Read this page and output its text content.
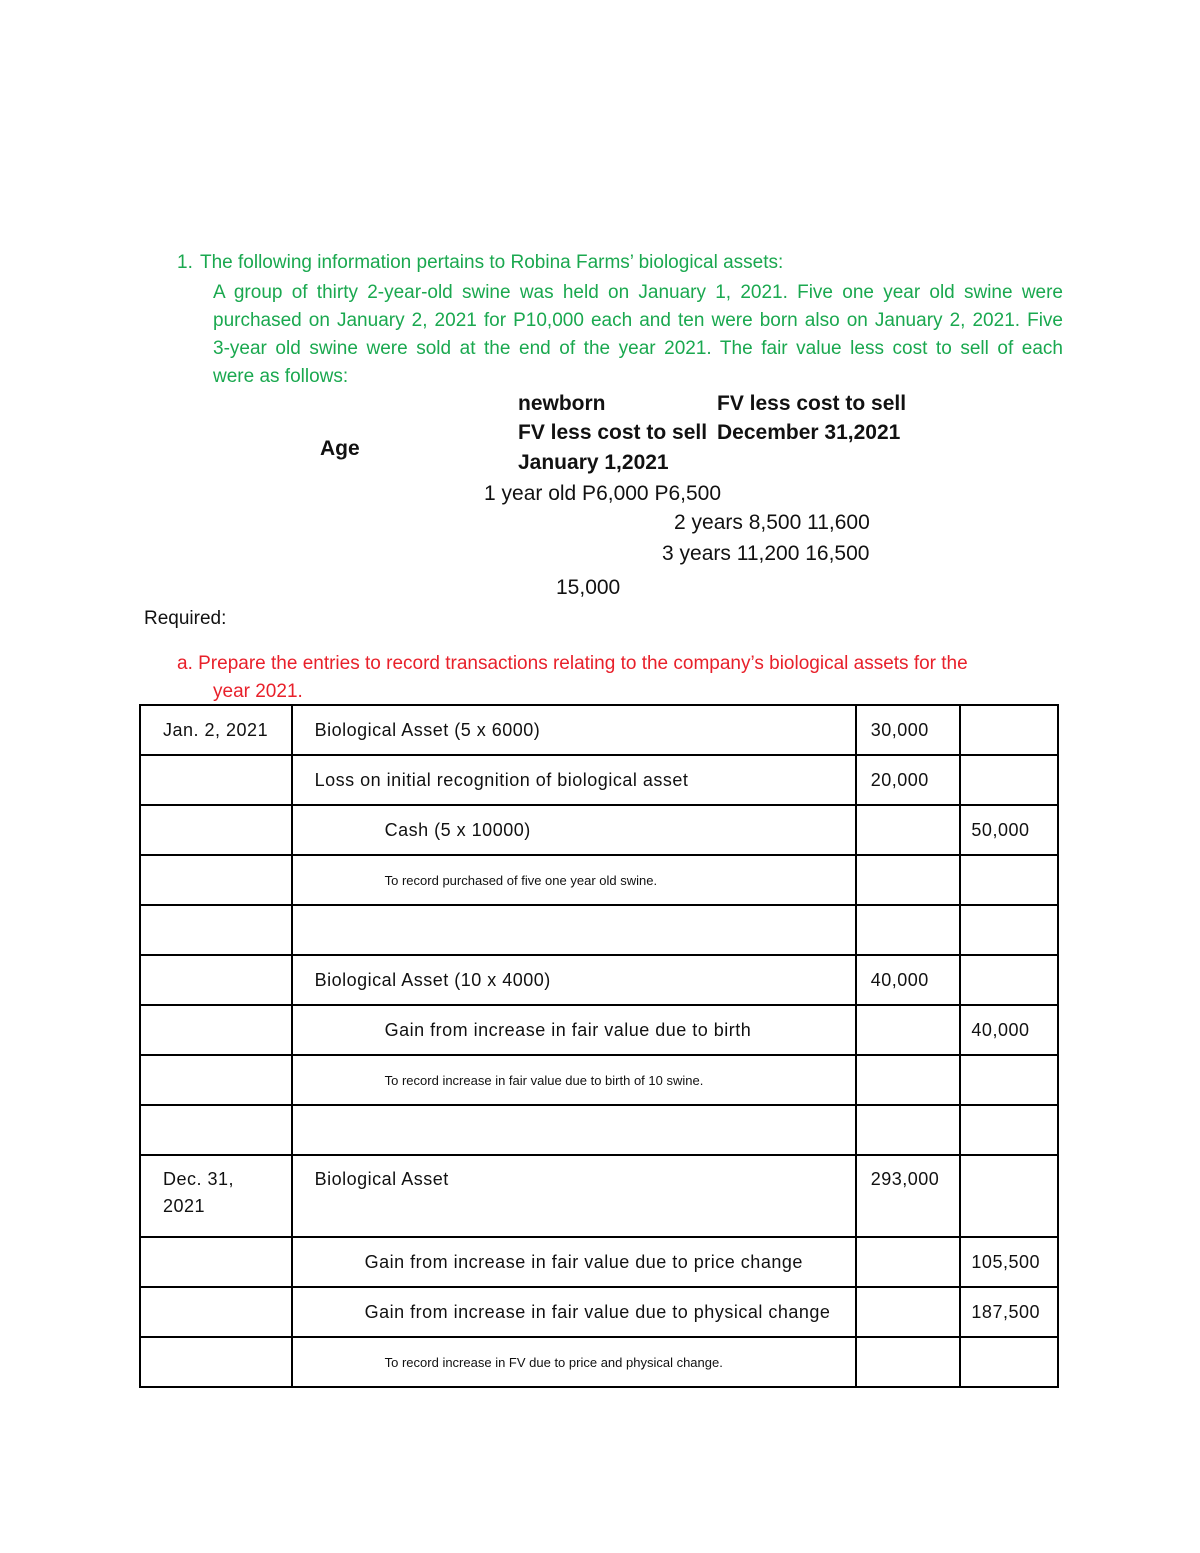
1. The following information pertains to Robina Farms’ biological assets:
A group of thirty 2-year-old swine was held on January 1, 2021. Five one year old swine were
purchased on January 2, 2021 for P10,000 each and ten were born also on January 2, 2021. Five
3-year old swine were sold at the end of the year 2021. The fair value less cost to sell of each
were as follows:
newborn
FV less cost to sell
January 1,2021
FV less cost to sell
December 31,2021
Age
1 year old P6,000 P6,500
2 years 8,500 11,600
3 years 11,200 16,500
15,000
Required:
a. Prepare the entries to record transactions relating to the company’s biological assets for the
year 2021.
Jan. 2, 2021	Biological Asset (5 x 6000)	30,000	
	Loss on initial recognition of biological asset	20,000	
	Cash (5 x 10000)		50,000
	To record purchased of five one year old swine.		

	Biological Asset (10 x 4000)	40,000	
	Gain from increase in fair value due to birth		40,000
	To record increase in fair value due to birth of 10 swine.		

Dec. 31,
2021	Biological Asset	293,000	
	Gain from increase in fair value due to price change		105,500
	Gain from increase in fair value due to physical change		187,500
	To record increase in FV due to price and physical change.		
